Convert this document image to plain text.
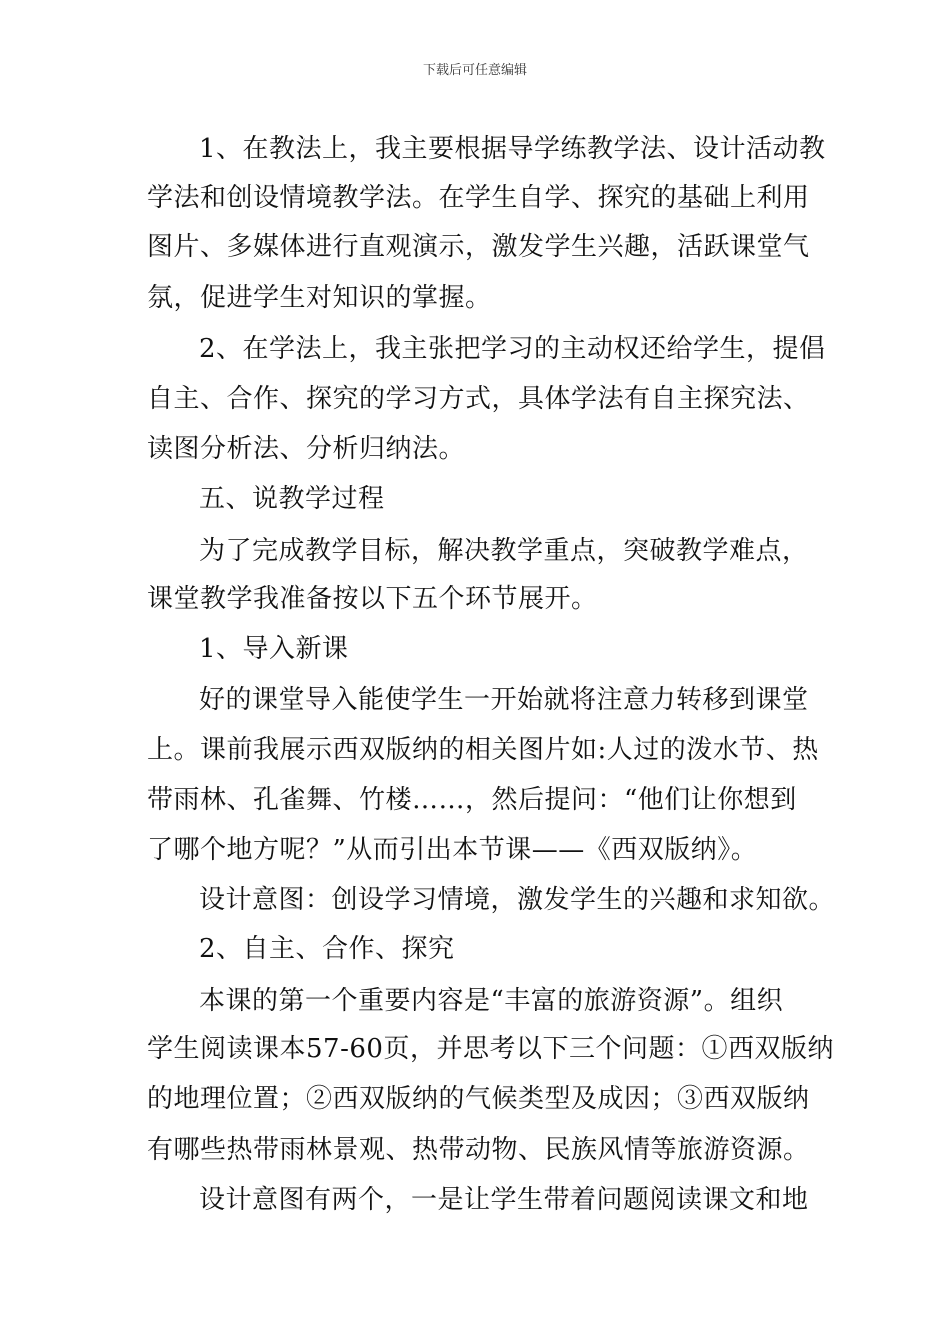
下载后可任意编辑
1、在教法上，我主要根据导学练教学法、设计活动教
学法和创设情境教学法。在学生自学、探究的基础上利用
图片、多媒体进行直观演示，激发学生兴趣，活跃课堂气
氛，促进学生对知识的掌握。
2、在学法上，我主张把学习的主动权还给学生，提倡
自主、合作、探究的学习方式，具体学法有自主探究法、
读图分析法、分析归纳法。
五、说教学过程
为了完成教学目标，解决教学重点，突破教学难点，
课堂教学我准备按以下五个环节展开。
1、导入新课
好的课堂导入能使学生一开始就将注意力转移到课堂
上。课前我展示西双版纳的相关图片如:人过的泼水节、热
带雨林、孔雀舞、竹楼……，然后提问：“他们让你想到
了哪个地方呢？”从而引出本节课——《西双版纳》。
设计意图：创设学习情境，激发学生的兴趣和求知欲。
2、自主、合作、探究
本课的第一个重要内容是“丰富的旅游资源”。组织
学生阅读课本57-60页，并思考以下三个问题：①西双版纳
的地理位置；②西双版纳的气候类型及成因；③西双版纳
有哪些热带雨林景观、热带动物、民族风情等旅游资源。
设计意图有两个，一是让学生带着问题阅读课文和地
